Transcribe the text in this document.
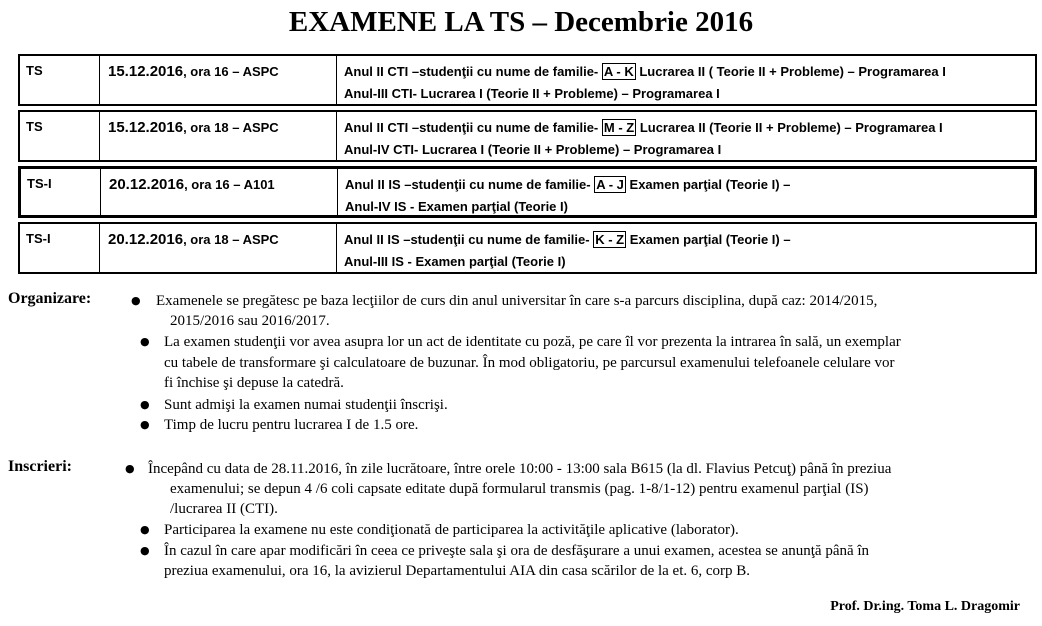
EXAMENE LA TS – Decembrie 2016
TS	15.12.2016, ora 16 – ASPC	Anul II CTI –studenţii cu nume de familie- A - K Lucrarea II ( Teorie II + Probleme) – Programarea I
Anul-III CTI- Lucrarea I (Teorie II + Probleme) – Programarea I
TS	15.12.2016, ora 18 – ASPC	Anul II CTI –studenţii cu nume de familie- M - Z Lucrarea II (Teorie II + Probleme) – Programarea I
Anul-IV CTI- Lucrarea I (Teorie II + Probleme) – Programarea I
TS-I	20.12.2016, ora 16 – A101	Anul II IS –studenţii cu nume de familie- A - J Examen parţial (Teorie I) –
Anul-IV IS - Examen parţial (Teorie I)
TS-I	20.12.2016, ora 18 – ASPC	Anul II IS –studenţii cu nume de familie- K - Z Examen parţial (Teorie I) –
Anul-III IS - Examen parţial (Teorie I)
Organizare:	● Examenele se pregătesc pe baza lecţiilor de curs din anul universitar în care s-a parcurs disciplina, după caz: 2014/2015,
2015/2016 sau 2016/2017.
● La examen studenţii vor avea asupra lor un act de identitate cu poză, pe care îl vor prezenta la intrarea în sală, un exemplar
cu tabele de transformare şi calculatoare de buzunar. În mod obligatoriu, pe parcursul examenului telefoanele celulare vor
fi închise şi depuse la catedră.
● Sunt admişi la examen numai studenţii înscrişi.
● Timp de lucru pentru lucrarea I de 1.5 ore.
Inscrieri:	● Începând cu data de 28.11.2016, în zile lucrătoare, între orele 10:00 - 13:00 sala B615 (la dl. Flavius Petcuţ) până în preziua
examenului; se depun 4 /6 coli capsate editate după formularul transmis (pag. 1-8/1-12) pentru examenul parţial (IS)
/lucrarea II (CTI).
● Participarea la examene nu este condiţionată de participarea la activităţile aplicative (laborator).
● În cazul în care apar modificări în ceea ce priveşte sala şi ora de desfăşurare a unui examen, acestea se anunţă până în
preziua examenului, ora 16, la avizierul Departamentului AIA din casa scărilor de la et. 6, corp B.
Prof. Dr.ing. Toma L. Dragomir
